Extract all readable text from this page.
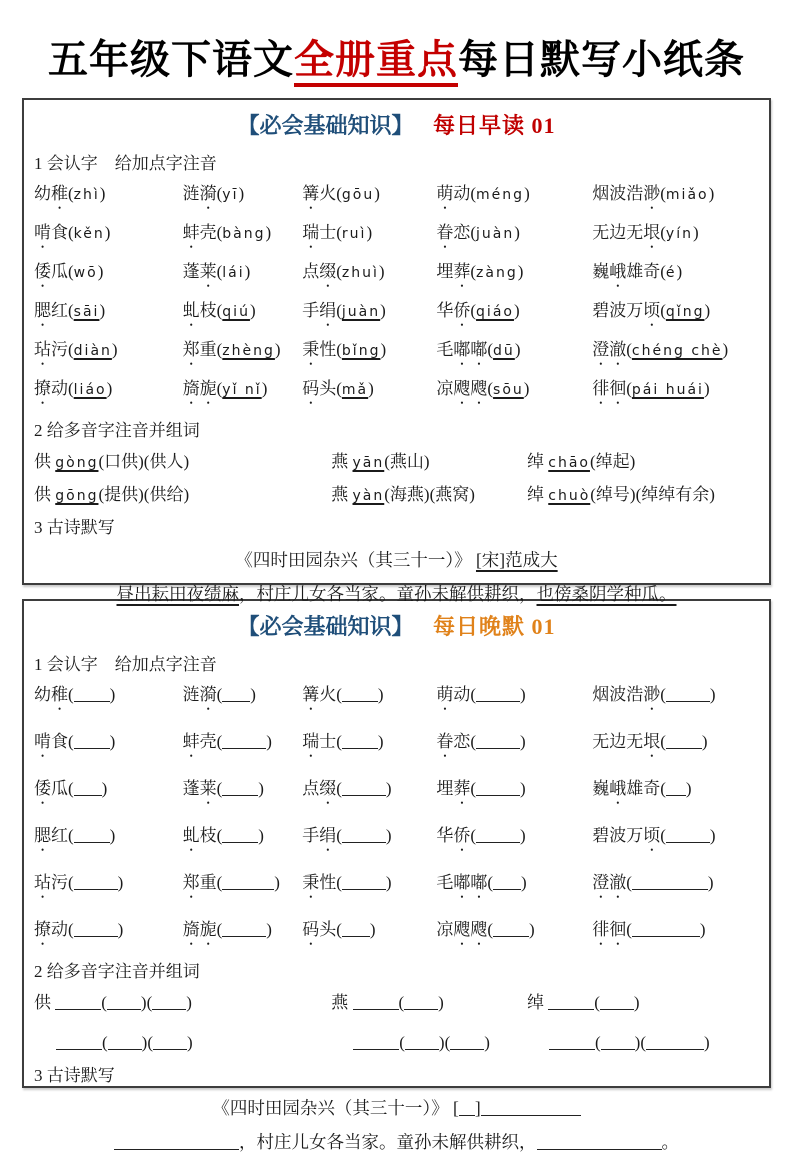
五年级下语文全册重点每日默写小纸条
【必会基础知识】 每日早读 01
1 会认字　给加点字注音
幼稚(zhì)	涟漪(yī)	篝火(gōu)	萌动(méng)	烟波浩渺(miǎo)
啃食(kěn)	蚌壳(bàng)	瑞士(ruì)	眷恋(juàn)	无边无垠(yín)
倭瓜(wō)	蓬莱(lái)	点缀(zhuì)	埋葬(zàng)	巍峨雄奇(é)
腮红(sāi)	虬枝(qiú)	手绢(juàn)	华侨(qiáo)	碧波万顷(qǐng)
玷污(diàn)	郑重(zhèng)	秉性(bǐng)	毛嘟嘟(dū)	澄澈(chéng chè)
撩动(liáo)	旖旎(yǐ nǐ)	码头(mǎ)	凉飕飕(sōu)	徘徊(pái huái)
2 给多音字注音并组词
供 gòng(口供)(供人)	燕 yān(燕山)	绰 chāo(绰起)
供 gōng(提供)(供给)	燕 yàn(海燕)(燕窝)	绰 chuò(绰号)(绰绰有余)
3 古诗默写
《四时田园杂兴（其三十一）》 [宋]范成大
昼出耘田夜绩麻，村庄儿女各当家。童孙未解供耕织，也傍桑阴学种瓜。
【必会基础知识】 每日晚默 01
1 会认字　给加点字注音
幼稚( )	涟漪( )	篝火( )	萌动(	)	烟波浩渺(	)
啃食( )	蚌壳(	)	瑞士( )	眷恋(	)	无边无垠( )
倭瓜( )	蓬莱( )	点缀(	)	埋葬(	)	巍峨雄奇( )
腮红( )	虬枝( )	手绢(	)	华侨(	)	碧波万顷(	)
玷污(	)	郑重(	)	秉性(	)	毛嘟嘟( )	澄澈(	)
撩动(	)	旖旎(	)	码头( )	凉飕飕( )	徘徊(	)
2 给多音字注音并组词
供	( )( )	燕	( )	绰	( )
( )( )	( )( )	( )(	)
3 古诗默写
《四时田园杂兴（其三十一）》 [ ]
，村庄儿女各当家。童孙未解供耕织，	。
